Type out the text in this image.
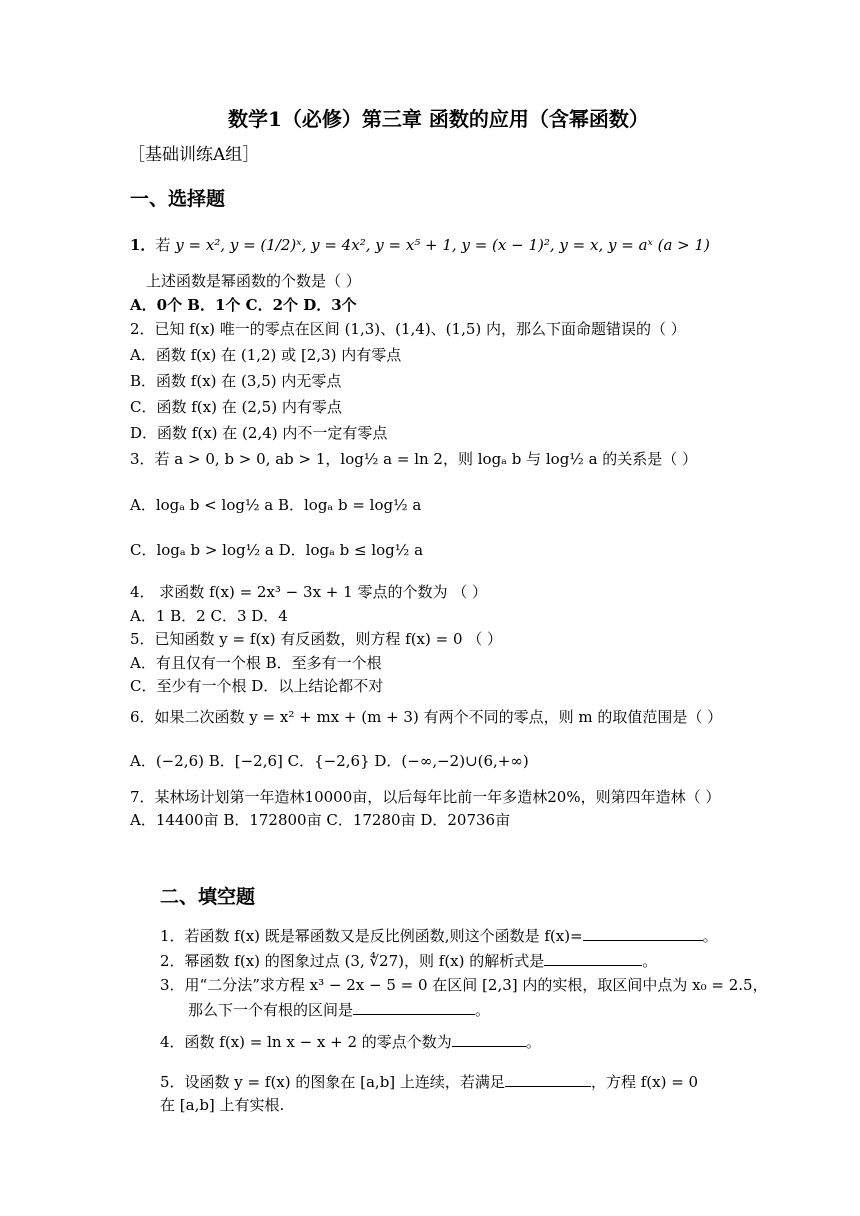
数学1（必修）第三章 函数的应用（含幂函数）
［基础训练A组］
一、选择题
1．若 y = x², y = (1/2)ˣ, y = 4x², y = x⁵ + 1, y = (x − 1)², y = x, y = aˣ (a > 1)
上述函数是幂函数的个数是（ ）
A．0个 B．1个 C．2个 D．3个
2．已知 f(x) 唯一的零点在区间 (1,3)、(1,4)、(1,5) 内，那么下面命题错误的（ ）
A．函数 f(x) 在 (1,2) 或 [2,3) 内有零点
B．函数 f(x) 在 (3,5) 内无零点
C．函数 f(x) 在 (2,5) 内有零点
D．函数 f(x) 在 (2,4) 内不一定有零点
3．若 a > 0, b > 0, ab > 1，log½ a = ln 2，则 logₐ b 与 log½ a 的关系是（ ）
A．logₐ b < log½ a B．logₐ b = log½ a
C．logₐ b > log½ a D．logₐ b ≤ log½ a
4． 求函数 f(x) = 2x³ − 3x + 1 零点的个数为 （ ）
A．1 B．2 C．3 D．4
5．已知函数 y = f(x) 有反函数，则方程 f(x) = 0 （ ）
A．有且仅有一个根 B．至多有一个根
C．至少有一个根 D．以上结论都不对
6．如果二次函数 y = x² + mx + (m + 3) 有两个不同的零点，则 m 的取值范围是（ ）
A．(−2,6) B．[−2,6] C．{−2,6} D．(−∞,−2)∪(6,+∞)
7．某林场计划第一年造林10000亩，以后每年比前一年多造林20%，则第四年造林（ ）
A．14400亩 B．172800亩 C．17280亩 D．20736亩
二、填空题
1．若函数 f(x) 既是幂函数又是反比例函数,则这个函数是 f(x)=	。
2．幂函数 f(x) 的图象过点 (3, ∜27)，则 f(x) 的解析式是	。
3．用“二分法”求方程 x³ − 2x − 5 = 0 在区间 [2,3] 内的实根，取区间中点为 x₀ = 2.5，
那么下一个有根的区间是	。
4．函数 f(x) = ln x − x + 2 的零点个数为	。
5．设函数 y = f(x) 的图象在 [a,b] 上连续，若满足	，方程 f(x) = 0
在 [a,b] 上有实根.
